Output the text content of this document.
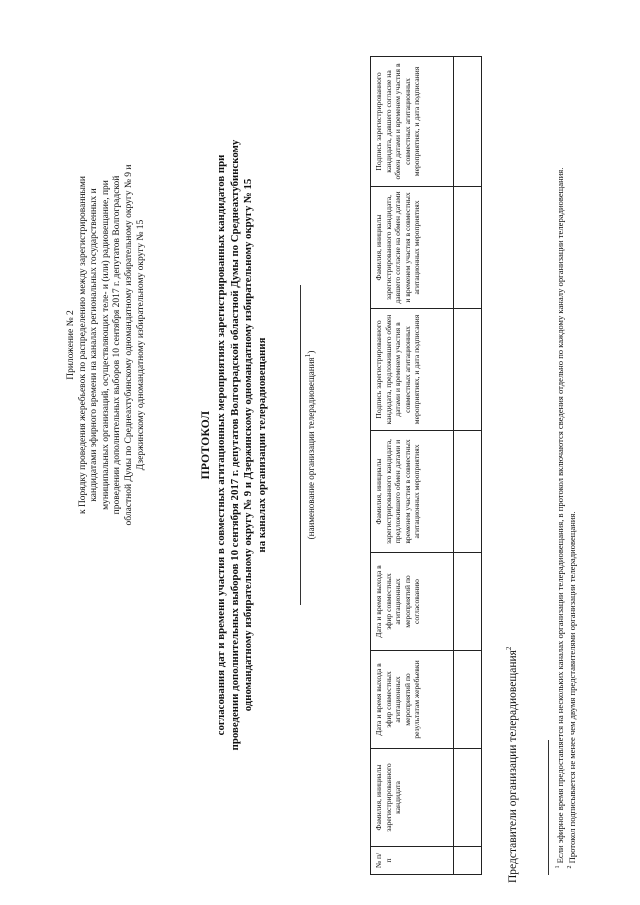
Приложение № 2 к Порядку проведения жеребьевок по распределению между зарегистрированными кандидатами эфирного времени на каналах региональных государственных и муниципальных организаций, осуществляющих теле- и (или) радиовещание, при проведении дополнительных выборов 10 сентября 2017 г. депутатов Волгоградской областной Думы по Среднеахтубинскому одномандатному избирательному округу № 9 и Дзержинскому одномандатному избирательному округу № 15	ПРОТОКОЛ согласования дат и времени участия в совместных агитационных мероприятиях зарегистрированных кандидатов при проведении дополнительных выборов 10 сентября 2017 г. депутатов Волгоградской областной Думы по Среднеахтубинскому одномандатному избирательному округу № 9 и Дзержинскому одномандатному избирательному округу № 15 на каналах организации телерадиовещания	(наименование организации телерадиовещания$^1$)
№ п/п	Фамилия, инициалы зарегистрированного кандидата	Дата и время выхода в эфир совместных агитационных мероприятий по результатам жеребьевки	Дата и время выхода в эфир совместных агитационных мероприятий по согласованию	Фамилия, инициалы зарегистрированного кандидата, предложившего обмен датами и временем участия в совместных агитационных мероприятиях	Подпись зарегистрированного кандидата, предложившего обмен датами и временем участия в совместных агитационных мероприятиях, и дата подписания	Фамилия, инициалы зарегистрированного кандидата, давшего согласие на обмен датами и временем участия в совместных агитационных мероприятиях	Подпись зарегистрированного кандидата, давшего согласие на обмен датами и временем участия в совместных агитационных мероприятиях, и дата подписания

Представители организации телерадиовещания$^2$
$^1$ Если эфирное время предоставляется на нескольких каналах организации телерадиовещания, в протокол включаются сведения отдельно по каждому каналу организации телерадиовещания.
$^2$ Протокол подписывается не менее чем двумя представителями организации телерадиовещания.
